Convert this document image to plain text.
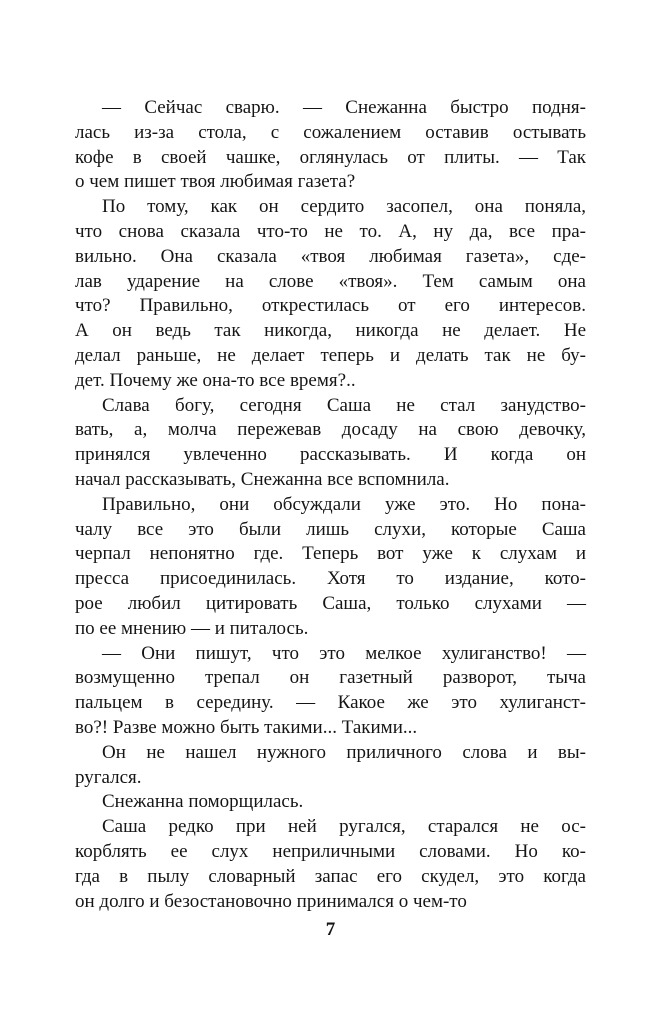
— Сейчас сварю. — Снежанна быстро подня-
лась из-за стола, с сожалением оставив остывать
кофе в своей чашке, оглянулась от плиты. — Так
о чем пишет твоя любимая газета?
По тому, как он сердито засопел, она поняла,
что снова сказала что-то не то. А, ну да, все пра-
вильно. Она сказала «твоя любимая газета», сде-
лав ударение на слове «твоя». Тем самым она
что? Правильно, открестилась от его интересов.
А он ведь так никогда, никогда не делает. Не
делал раньше, не делает теперь и делать так не бу-
дет. Почему же она-то все время?..
Слава богу, сегодня Саша не стал занудство-
вать, а, молча пережевав досаду на свою девочку,
принялся увлеченно рассказывать. И когда он
начал рассказывать, Снежанна все вспомнила.
Правильно, они обсуждали уже это. Но пона-
чалу все это были лишь слухи, которые Саша
черпал непонятно где. Теперь вот уже к слухам и
пресса присоединилась. Хотя то издание, кото-
рое любил цитировать Саша, только слухами —
по ее мнению — и питалось.
— Они пишут, что это мелкое хулиганство! —
возмущенно трепал он газетный разворот, тыча
пальцем в середину. — Какое же это хулиганст-
во?! Разве можно быть такими... Такими...
Он не нашел нужного приличного слова и вы-
ругался.
Снежанна поморщилась.
Саша редко при ней ругался, старался не ос-
корблять ее слух неприличными словами. Но ко-
гда в пылу словарный запас его скудел, это когда
он долго и безостановочно принимался о чем-то
7
